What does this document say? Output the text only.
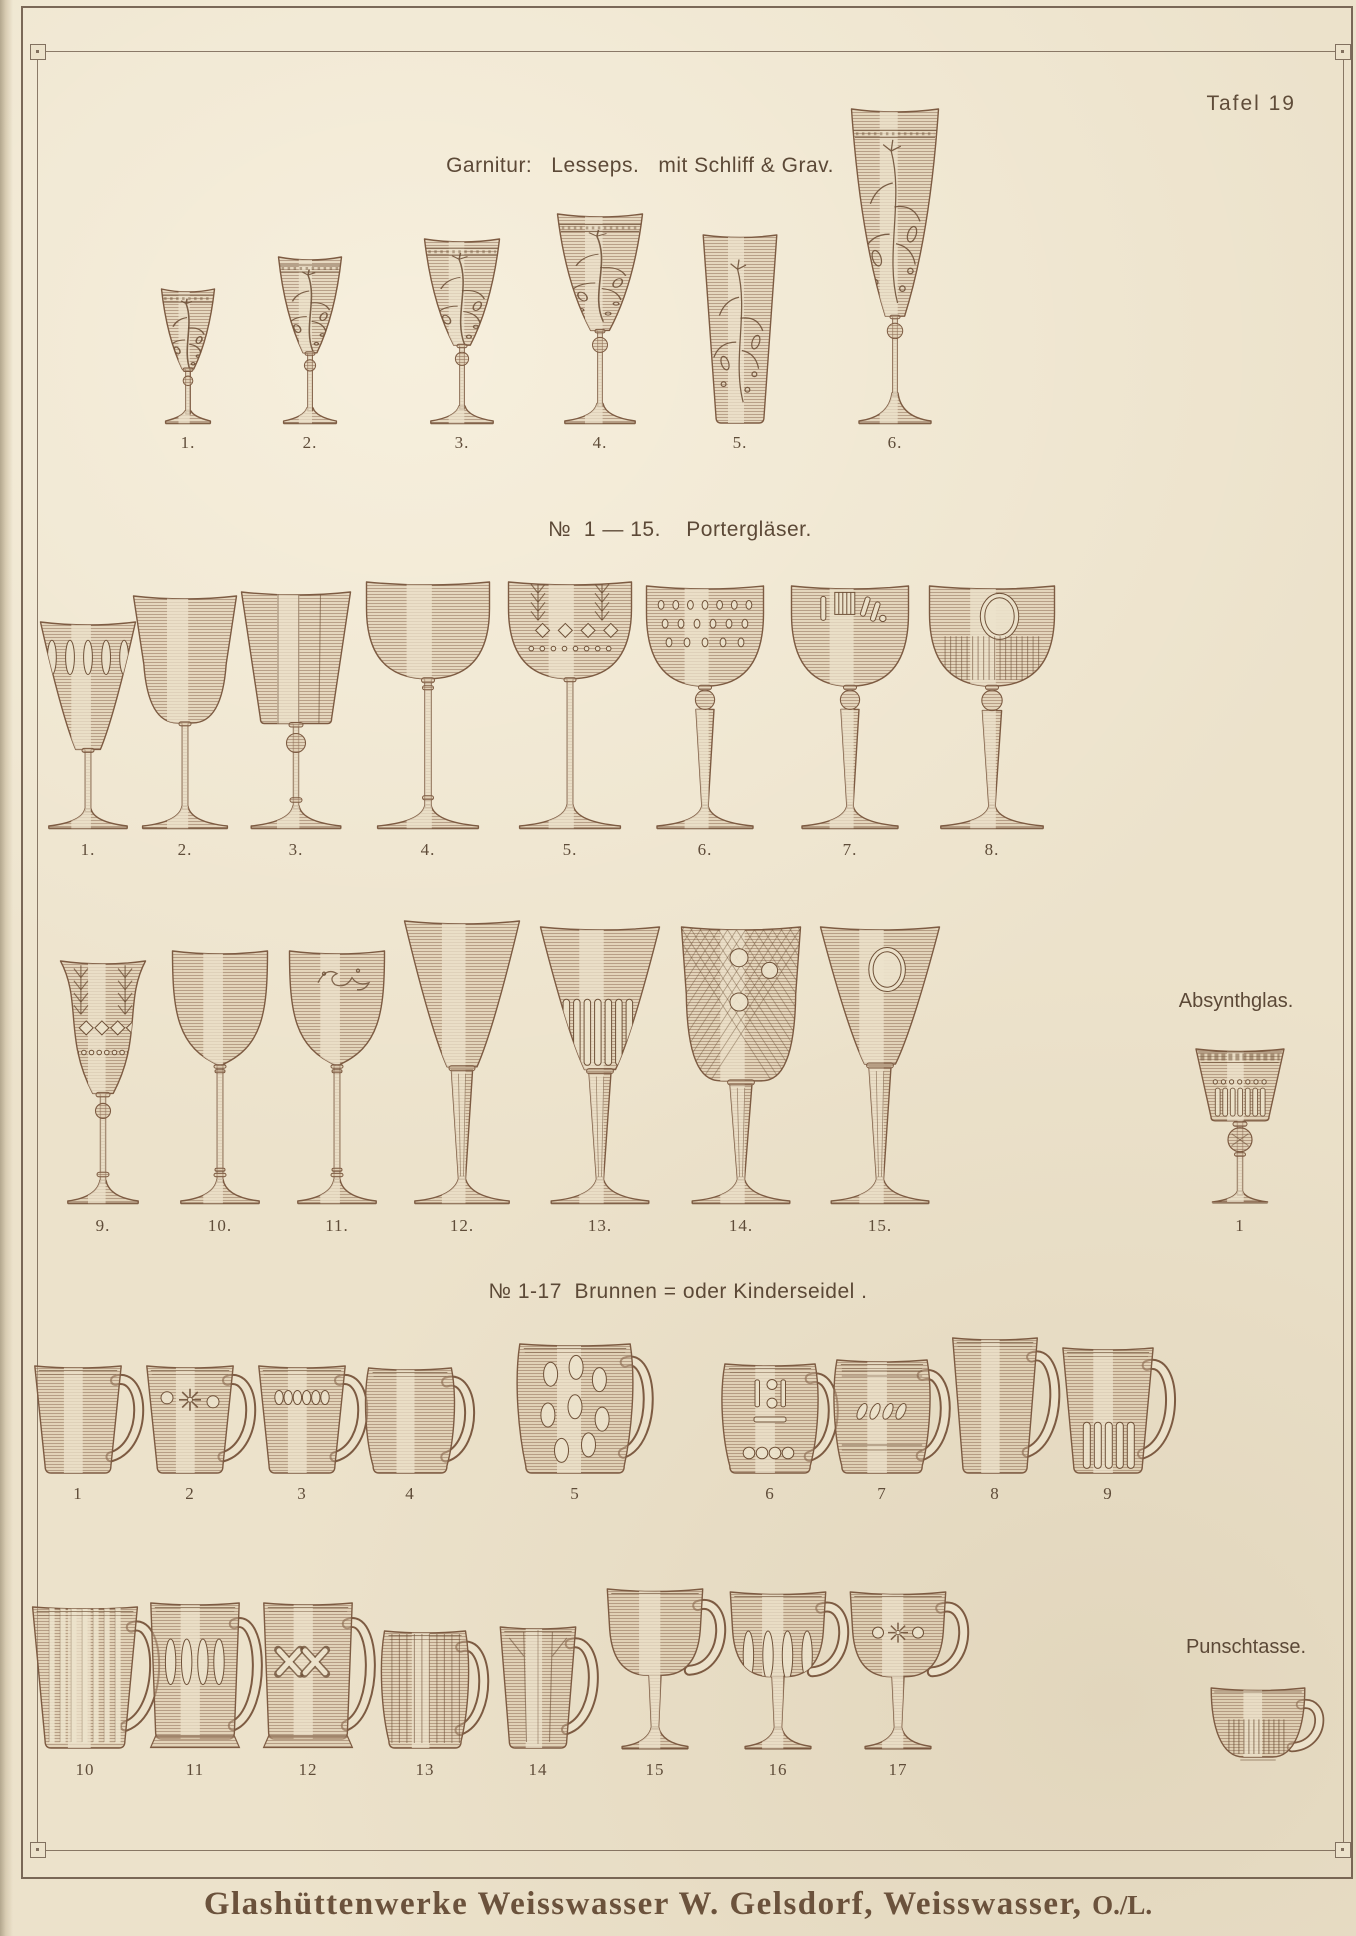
Tafel 19
Garnitur:   Lesseps.   mit Schliff & Grav.
№  1 — 15.    Portergläser.
№ 1-17  Brunnen = oder Kinderseidel .
Absynthglas.
Punschtasse.
1.	2.	3.	4.	5.	6.
1.	2.	3.	4.	5.	6.	7.	8.
9.	10.	11.	12.	13.	14.	15.	1
1	2	3	4	5	6	7	8	9
10	11	12	13	14	15	16	17
Glashüttenwerke Weisswasser W. Gelsdorf, Weisswasser, O./L.
